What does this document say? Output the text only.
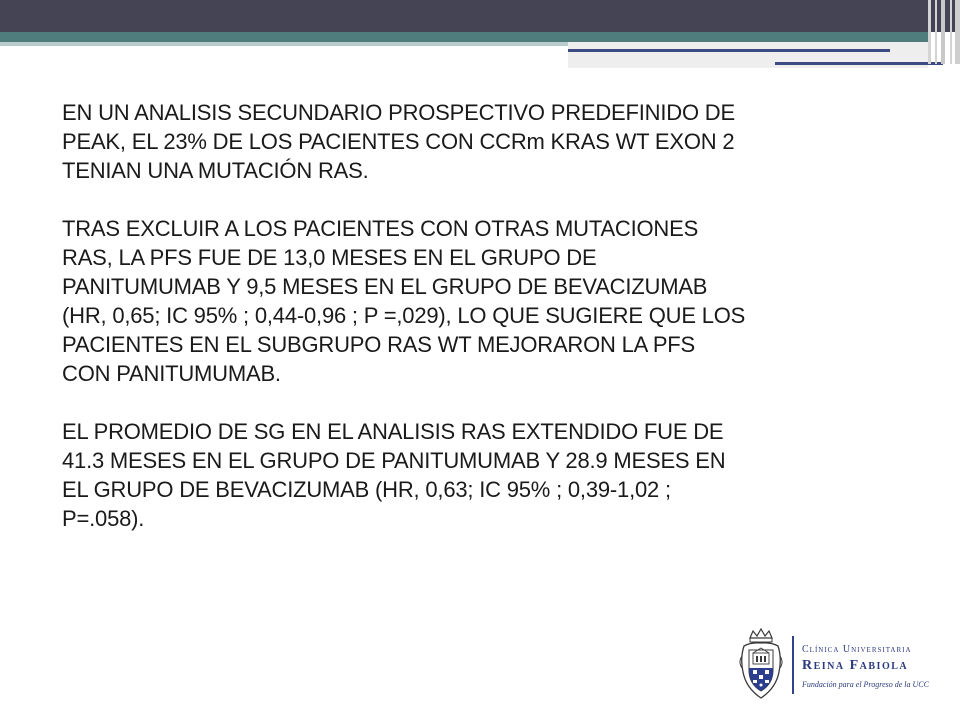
EN UN ANALISIS SECUNDARIO PROSPECTIVO PREDEFINIDO DE
PEAK, EL 23% DE LOS PACIENTES CON CCRm KRAS WT EXON 2
TENIAN UNA MUTACIÓN RAS.

TRAS EXCLUIR A LOS PACIENTES CON OTRAS MUTACIONES
RAS, LA PFS FUE DE 13,0 MESES EN EL GRUPO DE
PANITUMUMAB Y 9,5 MESES EN EL GRUPO DE BEVACIZUMAB
(HR, 0,65; IC 95% ; 0,44-0,96 ; P =,029), LO QUE SUGIERE QUE LOS
PACIENTES EN EL SUBGRUPO RAS WT MEJORARON LA PFS
CON PANITUMUMAB.

EL PROMEDIO DE SG EN EL ANALISIS RAS EXTENDIDO FUE DE
41.3 MESES EN EL GRUPO DE PANITUMUMAB Y 28.9 MESES EN
EL GRUPO DE BEVACIZUMAB (HR, 0,63; IC 95% ; 0,39-1,02 ;
P=.058).

Clínica Universitaria
Reina Fabiola
Fundación para el Progreso de la UCC
